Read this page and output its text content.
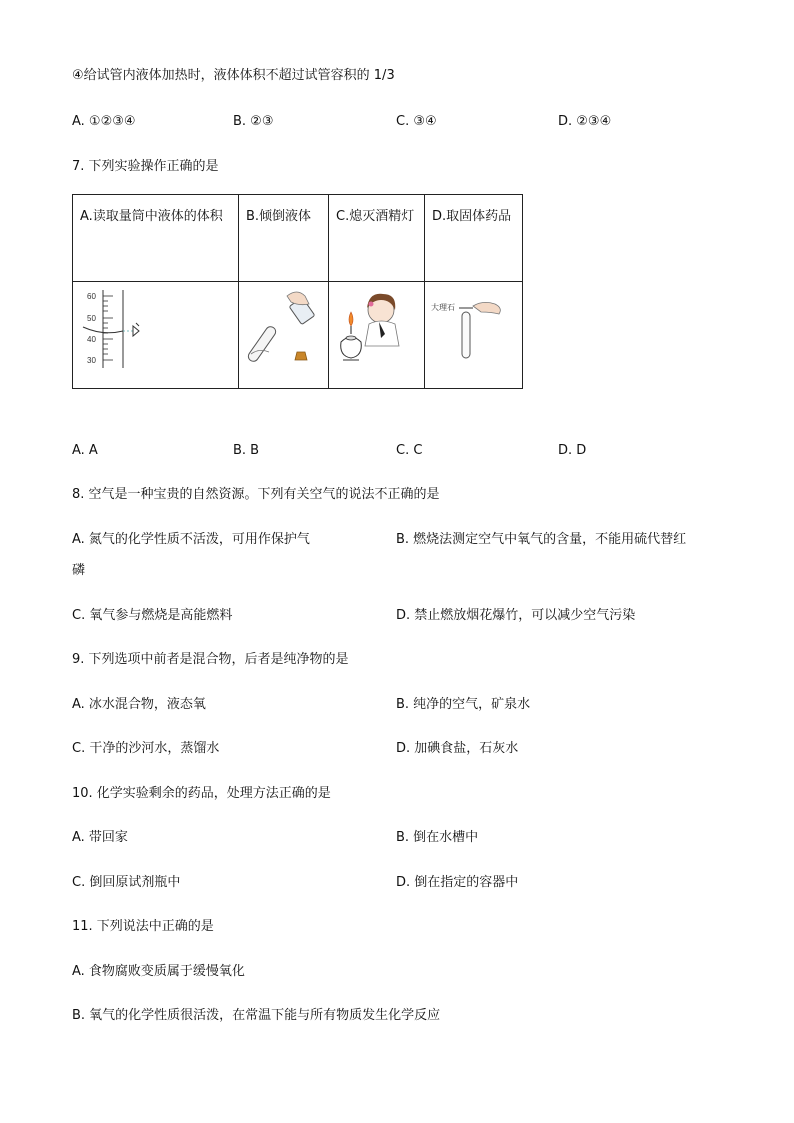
④给试管内液体加热时，液体体积不超过试管容积的 1/3
A. ①②③④	B. ②③	C. ③④	D. ②③④
7. 下列实验操作正确的是
A.读取量筒中液体的体积	B.倾倒液体	C.熄灭酒精灯	D.取固体药品

60
50
40
30			大理石
A. A	B. B	C. C	D. D
8. 空气是一种宝贵的自然资源。下列有关空气的说法不正确的是
A. 氮气的化学性质不活泼，可用作保护气	B. 燃烧法测定空气中氧气的含量，不能用硫代替红
磷
C. 氧气参与燃烧是高能燃料	D. 禁止燃放烟花爆竹，可以减少空气污染
9. 下列选项中前者是混合物，后者是纯净物的是
A. 冰水混合物，液态氧	B. 纯净的空气，矿泉水
C. 干净的沙河水，蒸馏水	D. 加碘食盐，石灰水
10. 化学实验剩余的药品，处理方法正确的是
A. 带回家	B. 倒在水槽中
C. 倒回原试剂瓶中	D. 倒在指定的容器中
11. 下列说法中正确的是
A. 食物腐败变质属于缓慢氧化
B. 氧气的化学性质很活泼，在常温下能与所有物质发生化学反应
